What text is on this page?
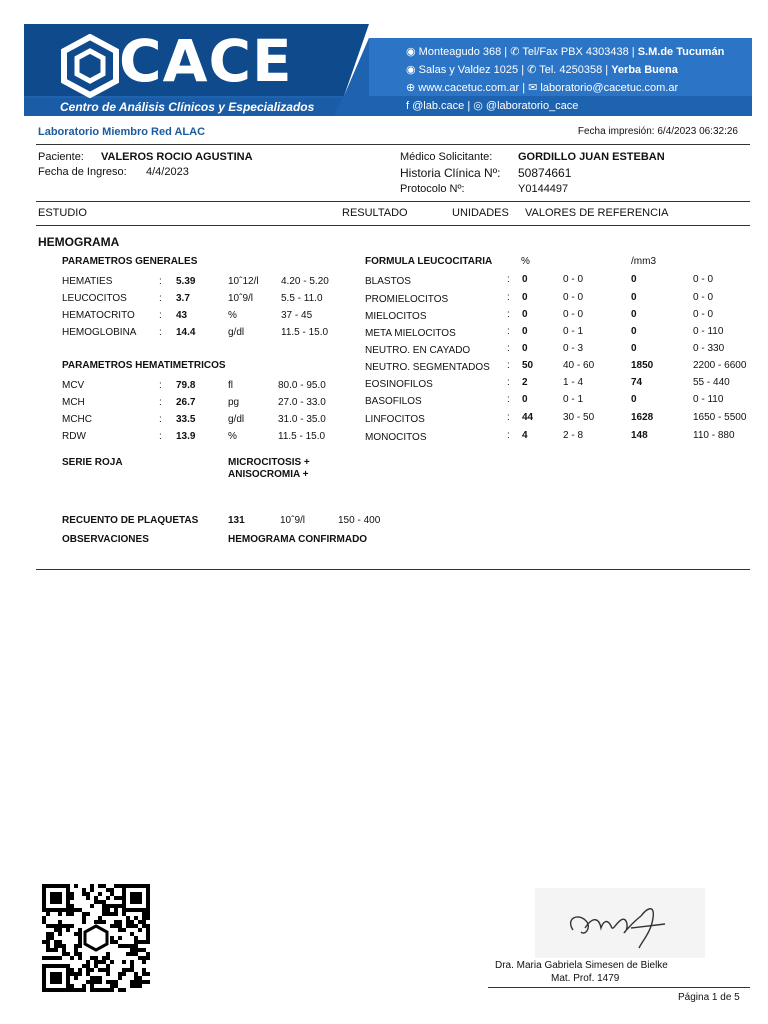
CACE
Centro de Análisis Clínicos y Especializados
◉ Monteagudo 368 | ✆ Tel/Fax PBX 4303438 | S.M.de Tucumán
◉ Salas y Valdez 1025 | ✆ Tel. 4250358 | Yerba Buena
⊕ www.cacetuc.com.ar | ✉ laboratorio@cacetuc.com.ar
f @lab.cace | ◎ @laboratorio_cace
Laboratorio Miembro Red ALAC	Fecha impresión: 6/4/2023 06:32:26
Paciente: VALEROS ROCIO AGUSTINA
Fecha de Ingreso: 4/4/2023
Médico Solicitante: GORDILLO JUAN ESTEBAN
Historia Clínica Nº: 50874661
Protocolo Nº:	Y0144497
ESTUDIO	RESULTADO	UNIDADES VALORES DE REFERENCIA
HEMOGRAMA
PARAMETROS GENERALES
HEMATIES	: 5.39	10ˆ12/l 4.20 - 5.20
LEUCOCITOS	: 3.7	10ˆ9/l	5.5 - 11.0
HEMATOCRITO : 43	%	37 - 45
HEMOGLOBINA : 14.4	g/dl	11.5 - 15.0
PARAMETROS HEMATIMETRICOS
MCV	: 79.8	fl	80.0 - 95.0
MCH	: 26.7	pg	27.0 - 33.0
MCHC	: 33.5	g/dl	31.0 - 35.0
RDW	: 13.9	%	11.5 - 15.0
FORMULA LEUCOCITARIA	%	/mm3
BLASTOS	: 0	0 - 0	0	0 - 0
PROMIELOCITOS	: 0	0 - 0	0	0 - 0
MIELOCITOS	: 0	0 - 0	0	0 - 0
META MIELOCITOS	: 0	0 - 1	0	0 - 110
NEUTRO. EN CAYADO	: 0	0 - 3	0	0 - 330
NEUTRO. SEGMENTADOS : 50	40 - 60	1850	2200 - 6600
EOSINOFILOS	: 2	1 - 4	74	55 - 440
BASOFILOS	: 0	0 - 1	0	0 - 110
LINFOCITOS	: 44	30 - 50	1628	1650 - 5500
MONOCITOS	: 4	2 - 8	148	110 - 880
SERIE ROJA	MICROCITOSIS +
ANISOCROMIA +
RECUENTO DE PLAQUETAS	131	10ˆ9/l	150 - 400
OBSERVACIONES	HEMOGRAMA CONFIRMADO
Dra. Maria Gabriela Simesen de Bielke
Mat. Prof. 1479
Página 1 de 5
